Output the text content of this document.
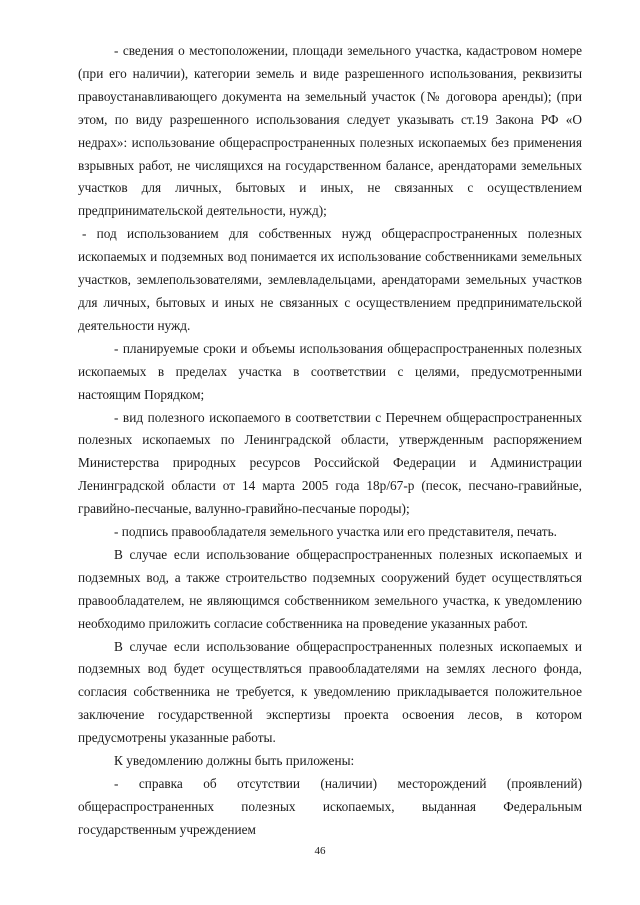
- сведения о местоположении, площади земельного участка, кадастровом номере (при его наличии), категории земель и виде разрешенного использования, реквизиты правоустанавливающего документа на земельный участок (№ договора аренды); (при этом, по виду разрешенного использования следует указывать ст.19 Закона РФ «О недрах»: использование общераспространенных полезных ископаемых без применения взрывных работ, не числящихся на государственном балансе, арендаторами земельных участков для личных, бытовых и иных, не связанных с осуществлением предпринимательской деятельности, нужд);

- под использованием для собственных нужд общераспространенных полезных ископаемых и подземных вод понимается их использование собственниками земельных участков, землепользователями, землевладельцами, арендаторами земельных участков для личных, бытовых и иных не связанных с осуществлением предпринимательской деятельности нужд.

- планируемые сроки и объемы использования общераспространенных полезных ископаемых в пределах участка в соответствии с целями, предусмотренными настоящим Порядком;

- вид полезного ископаемого в соответствии с Перечнем общераспространенных полезных ископаемых по Ленинградской области, утвержденным распоряжением Министерства природных ресурсов Российской Федерации и Администрации Ленинградской области от 14 марта 2005 года 18р/67-р (песок, песчано-гравийные, гравийно-песчаные, валунно-гравийно-песчаные породы);

- подпись правообладателя земельного участка или его представителя, печать.

В случае если использование общераспространенных полезных ископаемых и подземных вод, а также строительство подземных сооружений будет осуществляться правообладателем, не являющимся собственником земельного участка, к уведомлению необходимо приложить согласие собственника на проведение указанных работ.

В случае если использование общераспространенных полезных ископаемых и подземных вод будет осуществляться правообладателями на землях лесного фонда, согласия собственника не требуется, к уведомлению прикладывается положительное заключение государственной экспертизы проекта освоения лесов, в котором предусмотрены указанные работы.

К уведомлению должны быть приложены:

- справка об отсутствии (наличии) месторождений (проявлений) общераспространенных полезных ископаемых, выданная Федеральным государственным учреждением

46
